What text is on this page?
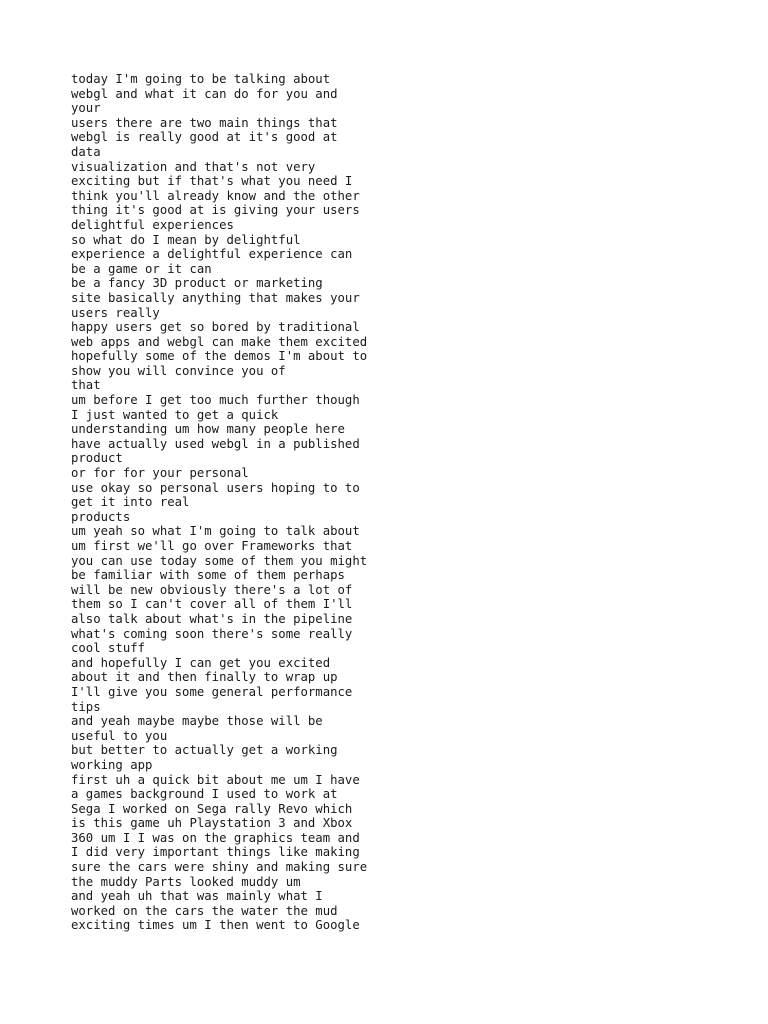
today I'm going to be talking about
webgl and what it can do for you and
your
users there are two main things that
webgl is really good at it's good at
data
visualization and that's not very
exciting but if that's what you need I
think you'll already know and the other
thing it's good at is giving your users
delightful experiences
so what do I mean by delightful
experience a delightful experience can
be a game or it can
be a fancy 3D product or marketing
site basically anything that makes your
users really
happy users get so bored by traditional
web apps and webgl can make them excited
hopefully some of the demos I'm about to
show you will convince you of
that
um before I get too much further though
I just wanted to get a quick
understanding um how many people here
have actually used webgl in a published
product
or for for your personal
use okay so personal users hoping to to
get it into real
products
um yeah so what I'm going to talk about
um first we'll go over Frameworks that
you can use today some of them you might
be familiar with some of them perhaps
will be new obviously there's a lot of
them so I can't cover all of them I'll
also talk about what's in the pipeline
what's coming soon there's some really
cool stuff
and hopefully I can get you excited
about it and then finally to wrap up
I'll give you some general performance
tips
and yeah maybe maybe those will be
useful to you
but better to actually get a working
working app
first uh a quick bit about me um I have
a games background I used to work at
Sega I worked on Sega rally Revo which
is this game uh Playstation 3 and Xbox
360 um I I was on the graphics team and
I did very important things like making
sure the cars were shiny and making sure
the muddy Parts looked muddy um
and yeah uh that was mainly what I
worked on the cars the water the mud
exciting times um I then went to Google
